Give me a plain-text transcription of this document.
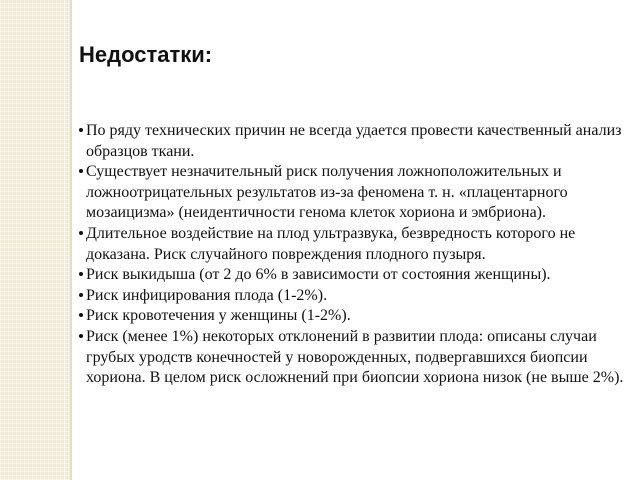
Недостатки:
По ряду технических причин не всегда удается провести качественный анализ образцов ткани.
Существует незначительный риск получения ложноположительных и ложноотрицательных результатов из-за феномена т. н. «плацентарного мозаицизма» (неидентичности генома клеток хориона и эмбриона).
Длительное воздействие на плод ультразвука, безвредность которого не доказана. Риск случайного повреждения плодного пузыря.
Риск выкидыша (от 2 до 6% в зависимости от состояния женщины).
Риск инфицирования плода (1-2%).
Риск кровотечения у женщины (1-2%).
Риск (менее 1%) некоторых отклонений в развитии плода: описаны случаи грубых уродств конечностей у новорожденных, подвергавшихся биопсии хориона. В целом риск осложнений при биопсии хориона низок (не выше 2%).
